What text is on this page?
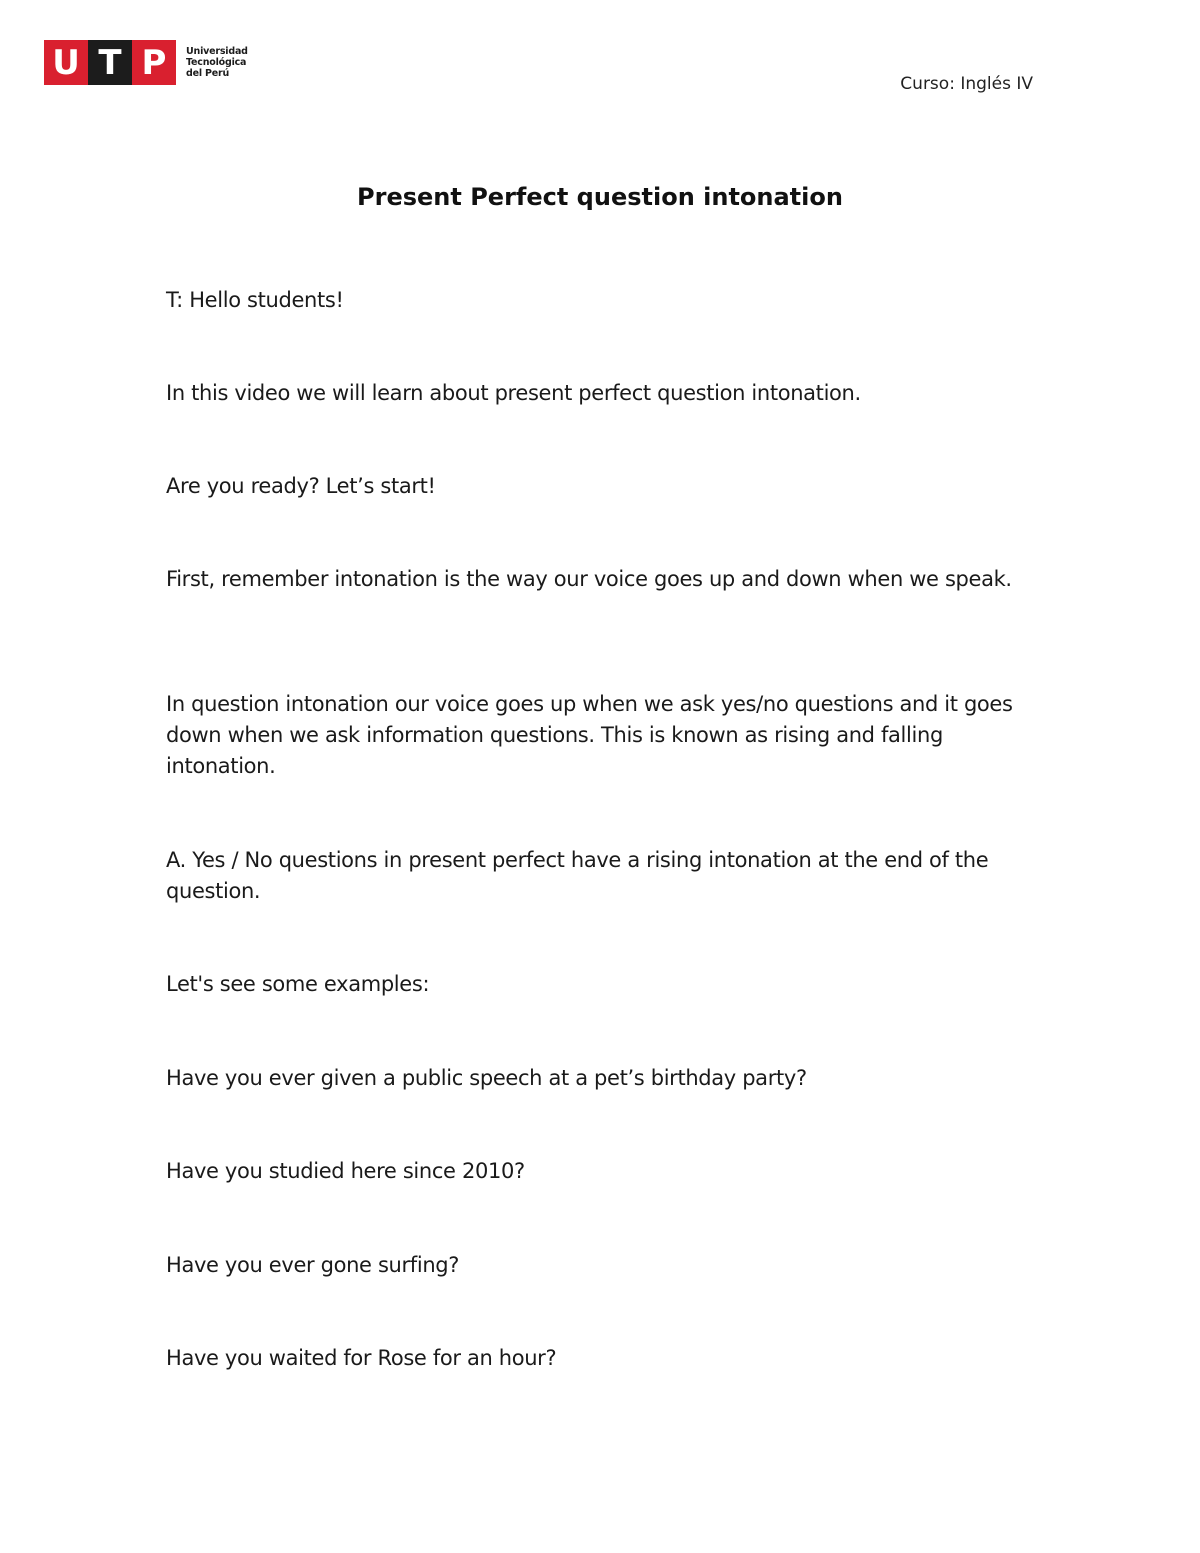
U T P	Universidad
Tecnológica
del Perú
Curso: Inglés IV
Present Perfect question intonation

T: Hello students!

In this video we will learn about present perfect question intonation.

Are you ready? Let’s start!

First, remember intonation is the way our voice goes up and down when we speak.

In question intonation our voice goes up when we ask yes/no questions and it goes down when we ask information questions. This is known as rising and falling intonation.

A. Yes / No questions in present perfect have a rising intonation at the end of the question.

Let's see some examples:

Have you ever given a public speech at a pet’s birthday party?

Have you studied here since 2010?

Have you ever gone surfing?

Have you waited for Rose for an hour?
